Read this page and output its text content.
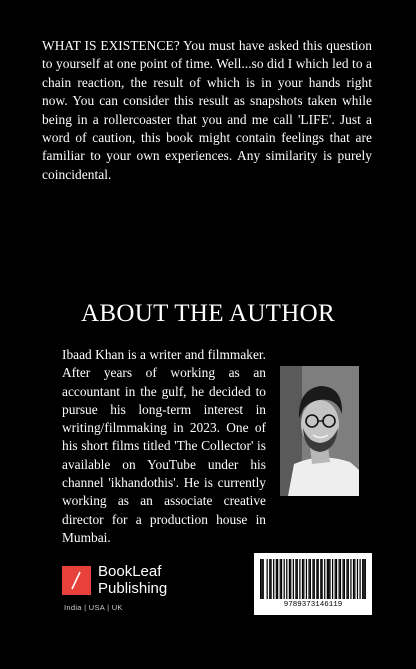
WHAT IS EXISTENCE? You must have asked this question to yourself at one point of time. Well...so did I which led to a chain reaction, the result of which is in your hands right now. You can consider this result as snapshots taken while being in a rollercoaster that you and me call 'LIFE'. Just a word of caution, this book might contain feelings that are familiar to your own experiences. Any similarity is purely coincidental.

ABOUT THE AUTHOR

Ibaad Khan is a writer and filmmaker. After years of working as an accountant in the gulf, he decided to pursue his long-term interest in writing/filmmaking in 2023. One of his short films titled 'The Collector' is available on YouTube under his channel 'ikhandothis'. He is currently working as an associate creative director for a production house in Mumbai.

BookLeaf
Publishing
India | USA | UK	9789373146119
